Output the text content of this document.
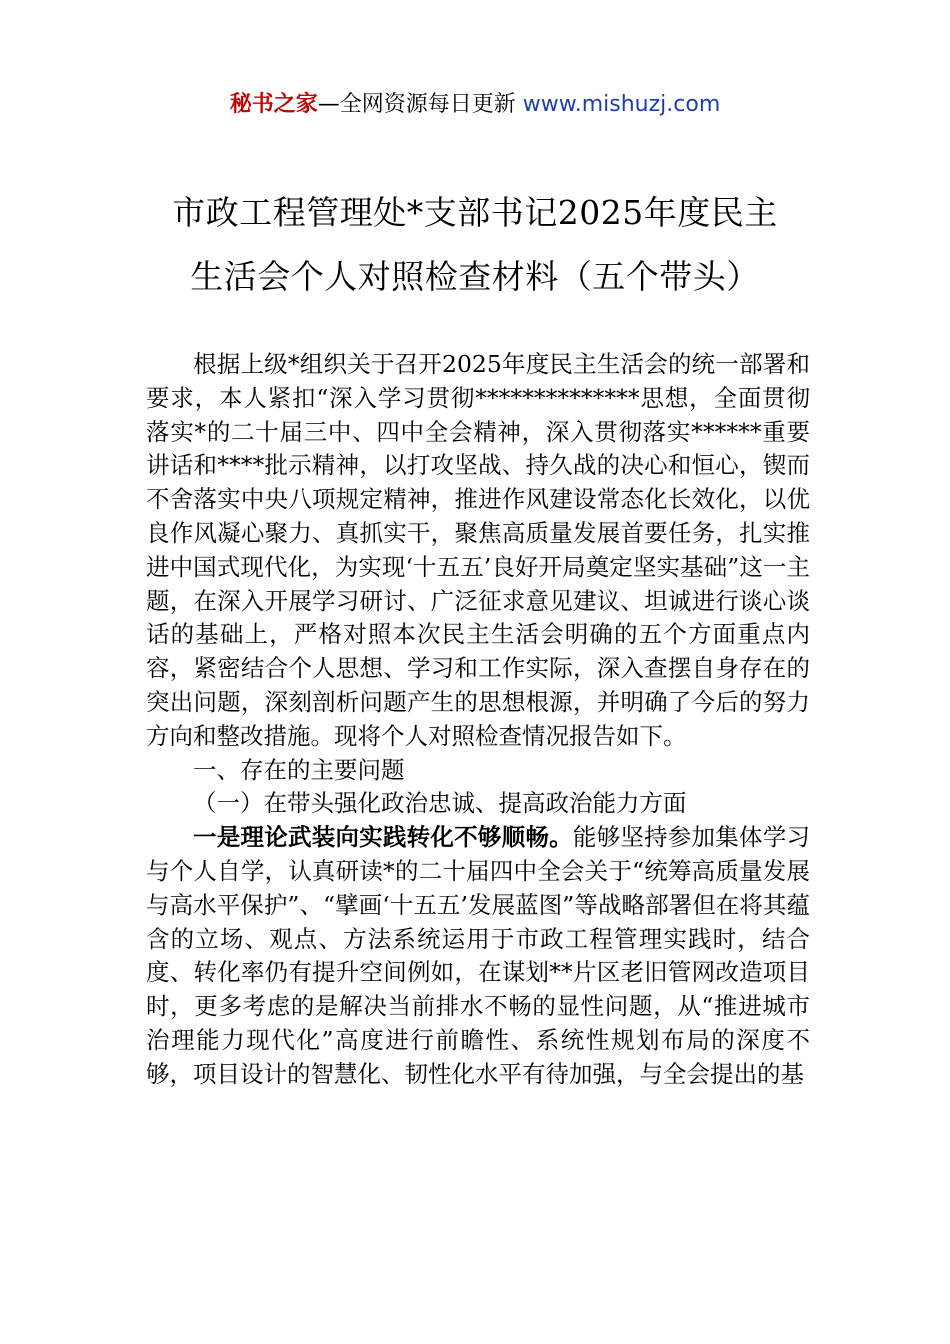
秘书之家—全网资源每日更新 www.mishuzj.com
市政工程管理处*支部书记2025年度民主
生活会个人对照检查材料（五个带头）

根据上级*组织关于召开2025年度民主生活会的统一部署和要求，本人紧扣“深入学习贯彻**************思想，全面贯彻落实*的二十届三中、四中全会精神，深入贯彻落实******重要讲话和****批示精神，以打攻坚战、持久战的决心和恒心，锲而不舍落实中央八项规定精神，推进作风建设常态化长效化，以优良作风凝心聚力、真抓实干，聚焦高质量发展首要任务，扎实推进中国式现代化，为实现‘十五五’良好开局奠定坚实基础”这一主题，在深入开展学习研讨、广泛征求意见建议、坦诚进行谈心谈话的基础上，严格对照本次民主生活会明确的五个方面重点内容，紧密结合个人思想、学习和工作实际，深入查摆自身存在的突出问题，深刻剖析问题产生的思想根源，并明确了今后的努力方向和整改措施。现将个人对照检查情况报告如下。

一、存在的主要问题

（一）在带头强化政治忠诚、提高政治能力方面

一是理论武装向实践转化不够顺畅。能够坚持参加集体学习与个人自学，认真研读*的二十届四中全会关于“统筹高质量发展与高水平保护”、“擘画‘十五五’发展蓝图”等战略部署但在将其蕴含的立场、观点、方法系统运用于市政工程管理实践时，结合度、转化率仍有提升空间例如，在谋划**片区老旧管网改造项目时，更多考虑的是解决当前排水不畅的显性问题，从“推进城市治理能力现代化”高度进行前瞻性、系统性规划布局的深度不够，项目设计的智慧化、韧性化水平有待加强，与全会提出的基
